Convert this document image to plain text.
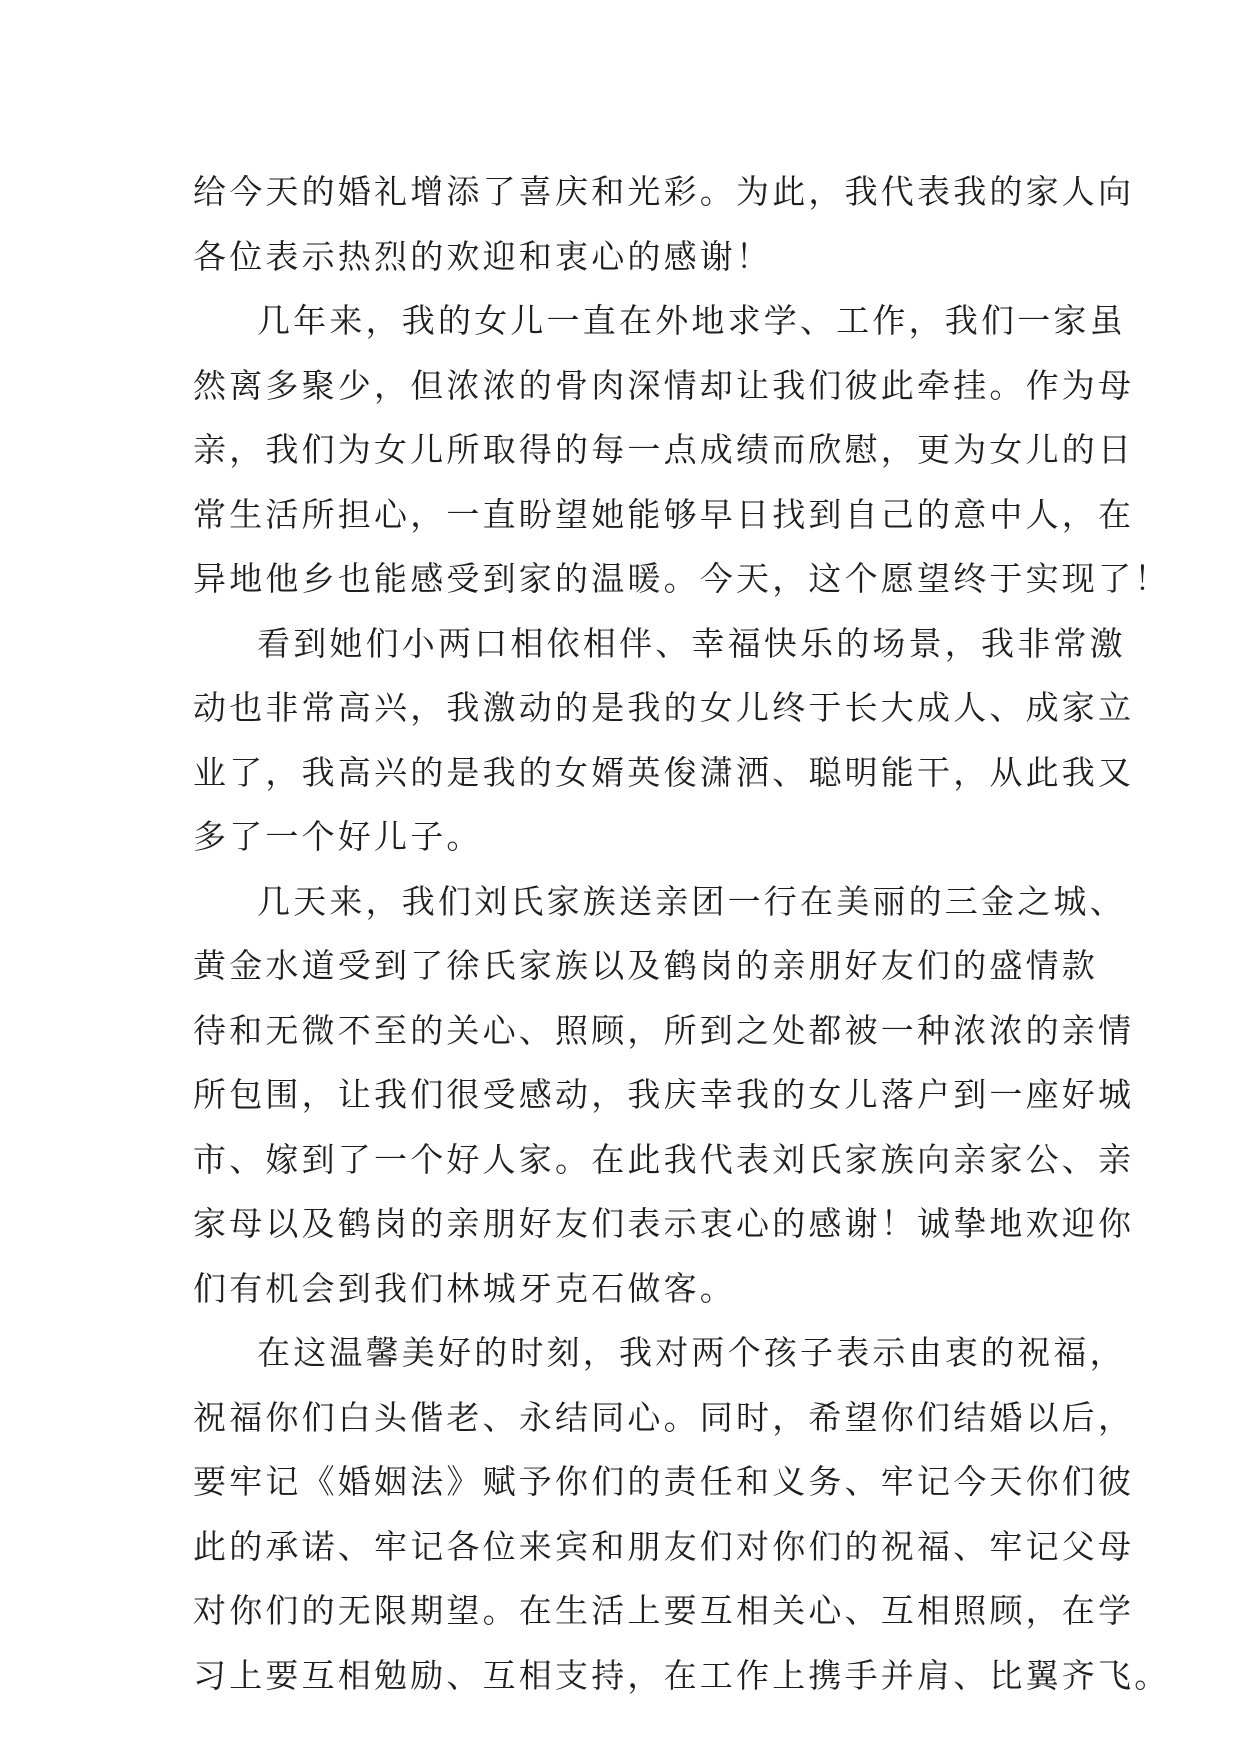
给今天的婚礼增添了喜庆和光彩。为此，我代表我的家人向
各位表示热烈的欢迎和衷心的感谢！
几年来，我的女儿一直在外地求学、工作，我们一家虽
然离多聚少，但浓浓的骨肉深情却让我们彼此牵挂。作为母
亲，我们为女儿所取得的每一点成绩而欣慰，更为女儿的日
常生活所担心，一直盼望她能够早日找到自己的意中人，在
异地他乡也能感受到家的温暖。今天，这个愿望终于实现了！
看到她们小两口相依相伴、幸福快乐的场景，我非常激
动也非常高兴，我激动的是我的女儿终于长大成人、成家立
业了，我高兴的是我的女婿英俊潇洒、聪明能干，从此我又
多了一个好儿子。
几天来，我们刘氏家族送亲团一行在美丽的三金之城、
黄金水道受到了徐氏家族以及鹤岗的亲朋好友们的盛情款
待和无微不至的关心、照顾，所到之处都被一种浓浓的亲情
所包围，让我们很受感动，我庆幸我的女儿落户到一座好城
市、嫁到了一个好人家。在此我代表刘氏家族向亲家公、亲
家母以及鹤岗的亲朋好友们表示衷心的感谢！诚挚地欢迎你
们有机会到我们林城牙克石做客。
在这温馨美好的时刻，我对两个孩子表示由衷的祝福，
祝福你们白头偕老、永结同心。同时，希望你们结婚以后，
要牢记《婚姻法》赋予你们的责任和义务、牢记今天你们彼
此的承诺、牢记各位来宾和朋友们对你们的祝福、牢记父母
对你们的无限期望。在生活上要互相关心、互相照顾，在学
习上要互相勉励、互相支持，在工作上携手并肩、比翼齐飞。
